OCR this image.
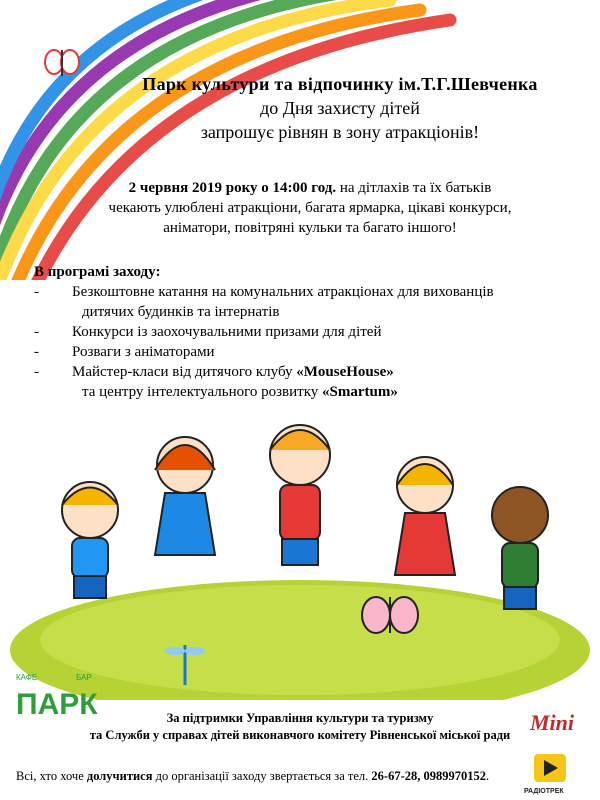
Парк культури та відпочинку ім.Т.Г.Шевченка
до Дня захисту дітей
запрошує рівнян в зону атракціонів!
2 червня 2019 року о 14:00 год. на дітлахів та їх батьків
чекають улюблені атракціони, багата ярмарка, цікаві конкурси,
аніматори, повітряні кульки та багато іншого!
В програмі заходу:
- Безкоштовне катання на комунальних атракціонах для вихованців
дитячих будинків та інтернатів
- Конкурси із заохочувальними призами для дітей
- Розваги з аніматорами
- Майстер-класи від дитячого клубу «MouseHouse»
та центру інтелектуального розвитку «Smartum»
КАФЕ	БАР
ПАРК	За підтримки Управління культури та туризму
та Служби у справах дітей виконавчого комітету Рівненської міської ради Mini
Всі, хто хоче долучитися до організації заходу звертається за тел. 26-67-28, 0989970152.
РАДІОТРЕК
